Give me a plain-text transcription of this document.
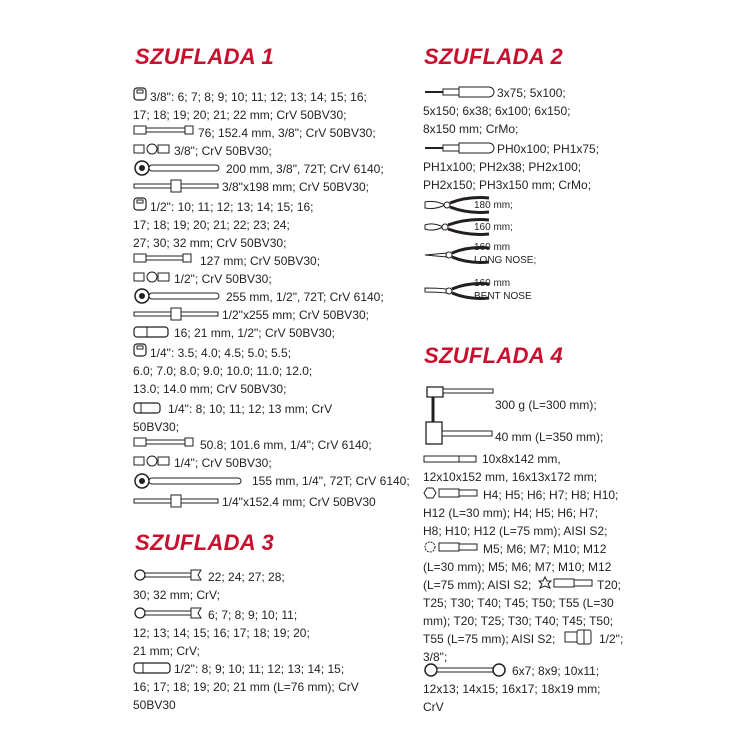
SZUFLADA 1
3/8": 6; 7; 8; 9; 10; 11; 12; 13; 14; 15; 16;
17; 18; 19; 20; 21; 22 mm; CrV 50BV30;
76; 152.4 mm, 3/8"; CrV 50BV30;
3/8"; CrV 50BV30;
200 mm, 3/8", 72T; CrV 6140;
3/8"x198 mm; CrV 50BV30;
1/2": 10; 11; 12; 13; 14; 15; 16;
17; 18; 19; 20; 21; 22; 23; 24;
27; 30; 32 mm; CrV 50BV30;
127 mm; CrV 50BV30;
1/2"; CrV 50BV30;
255 mm, 1/2", 72T; CrV 6140;
1/2"x255 mm; CrV 50BV30;
16; 21 mm, 1/2"; CrV 50BV30;
1/4": 3.5; 4.0; 4.5; 5.0; 5.5;
6.0; 7.0; 8.0; 9.0; 10.0; 11.0; 12.0;
13.0; 14.0 mm; CrV 50BV30;
1/4": 8; 10; 11; 12; 13 mm; CrV
50BV30;
50.8; 101.6 mm, 1/4"; CrV 6140;
1/4"; CrV 50BV30;
155 mm, 1/4", 72T; CrV 6140;
1/4"x152.4 mm; CrV 50BV30
SZUFLADA 3
22; 24; 27; 28;
30; 32 mm; CrV;
6; 7; 8; 9; 10; 11;
12; 13; 14; 15; 16; 17; 18; 19; 20;
21 mm; CrV;
1/2": 8; 9; 10; 11; 12; 13; 14; 15;
16; 17; 18; 19; 20; 21 mm (L=76 mm); CrV
50BV30
SZUFLADA 2
3x75; 5x100;
5x150; 6x38; 6x100; 6x150;
8x150 mm; CrMo;
PH0x100; PH1x75;
PH1x100; PH2x38; PH2x100;
PH2x150; PH3x150 mm; CrMo;
180 mm;
160 mm;
160 mm
LONG NOSE;
160 mm
BENT NOSE
SZUFLADA 4
300 g (L=300 mm);
40 mm (L=350 mm);
10x8x142 mm,
12x10x152 mm, 16x13x172 mm;
H4; H5; H6; H7; H8; H10;
H12 (L=30 mm); H4; H5; H6; H7;
H8; H10; H12 (L=75 mm); AISI S2;
M5; M6; M7; M10; M12
(L=30 mm); M5; M6; M7; M10; M12
(L=75 mm); AISI S2;	T20;
T25; T30; T40; T45; T50; T55 (L=30
mm); T20; T25; T30; T40; T45; T50;
T55 (L=75 mm); AISI S2;	1/2";
3/8";
6x7; 8x9; 10x11;
12x13; 14x15; 16x17; 18x19 mm;
CrV
